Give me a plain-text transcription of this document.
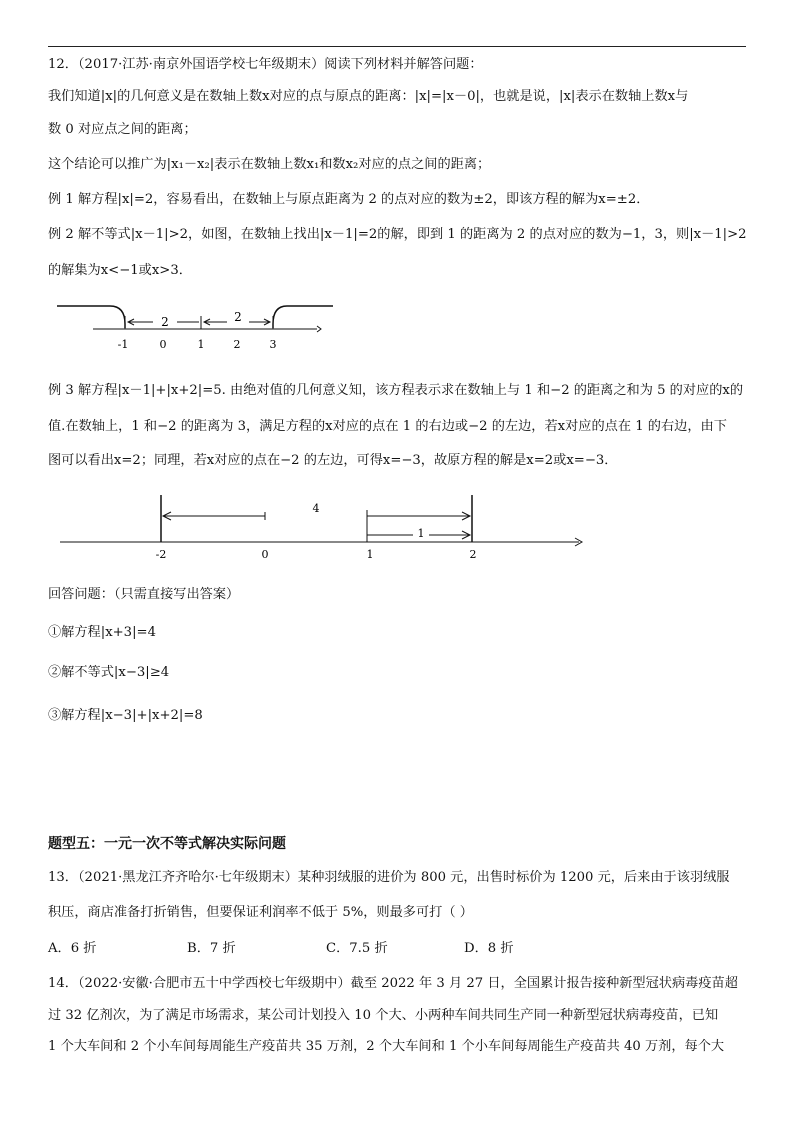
12．（2017·江苏·南京外国语学校七年级期末）阅读下列材料并解答问题：
我们知道|x|的几何意义是在数轴上数x对应的点与原点的距离：|x|=|x－0|，也就是说，|x|表示在数轴上数x与
数 0 对应点之间的距离；
这个结论可以推广为|x₁－x₂|表示在数轴上数x₁和数x₂对应的点之间的距离；
例 1 解方程|x|=2，容易看出，在数轴上与原点距离为 2 的点对应的数为±2，即该方程的解为x=±2．
例 2 解不等式|x－1|>2，如图，在数轴上找出|x－1|=2的解，即到 1 的距离为 2 的点对应的数为−1，3，则|x－1|>2
的解集为x<−1或x>3．
2	2
-1	0	1	2	3
例 3 解方程|x－1|+|x+2|=5. 由绝对值的几何意义知，该方程表示求在数轴上与 1 和−2 的距离之和为 5 的对应的x的
值.在数轴上，1 和−2 的距离为 3，满足方程的x对应的点在 1 的右边或−2 的左边，若x对应的点在 1 的右边，由下
图可以看出x=2；同理，若x对应的点在−2 的左边，可得x=−3，故原方程的解是x=2或x=−3．
4
1
-2	0	1	2
回答问题：（只需直接写出答案）
①解方程|x+3|=4
②解不等式|x−3|≥4
③解方程|x−3|+|x+2|=8
题型五：一元一次不等式解决实际问题
13．（2021·黑龙江齐齐哈尔·七年级期末）某种羽绒服的进价为 800 元，出售时标价为 1200 元，后来由于该羽绒服
积压，商店准备打折销售，但要保证利润率不低于 5%，则最多可打（ ）
A．6 折	B．7 折	C．7.5 折	D．8 折
14．（2022·安徽·合肥市五十中学西校七年级期中）截至 2022 年 3 月 27 日，全国累计报告接种新型冠状病毒疫苗超
过 32 亿剂次，为了满足市场需求，某公司计划投入 10 个大、小两种车间共同生产同一种新型冠状病毒疫苗，已知
1 个大车间和 2 个小车间每周能生产疫苗共 35 万剂，2 个大车间和 1 个小车间每周能生产疫苗共 40 万剂，每个大
